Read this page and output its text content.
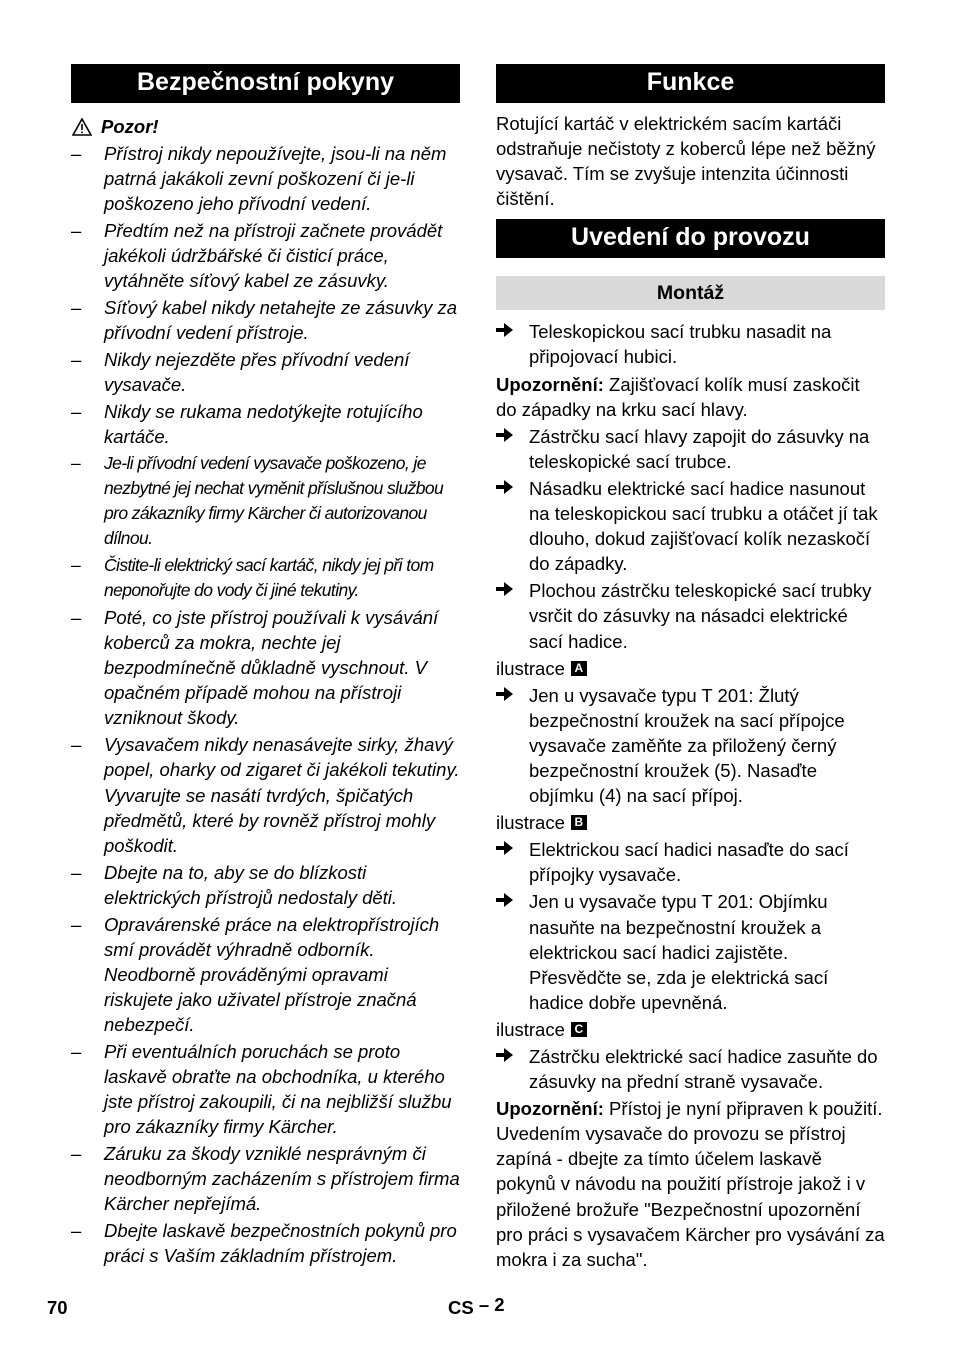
Bezpečnostní pokyny
Pozor!
– Přístroj nikdy nepoužívejte, jsou-li na něm patrná jakákoli zevní poškození či je-li poškozeno jeho přívodní vedení.
– Předtím než na přístroji začnete provádět jakékoli údržbářské či čisticí práce, vytáhněte síťový kabel ze zásuvky.
– Síťový kabel nikdy netahejte ze zásuvky za přívodní vedení přístroje.
– Nikdy nejezděte přes přívodní vedení vysavače.
– Nikdy se rukama nedotýkejte rotujícího kartáče.
– Je-li přívodní vedení vysavače poškozeno, je nezbytné jej nechat vyměnit příslušnou službou pro zákazníky firmy Kärcher či autorizovanou dílnou.
– Čistite-li elektrický sací kartáč, nikdy jej při tom neponořujte do vody či jiné tekutiny.
– Poté, co jste přístroj používali k vysávání koberců za mokra, nechte jej bezpodmínečně důkladně vyschnout. V opačném případě mohou na přístroji vzniknout škody.
– Vysavačem nikdy nenasávejte sirky, žhavý popel, oharky od zigaret či jakékoli tekutiny. Vyvarujte se nasátí tvrdých, špičatých předmětů, které by rovněž přístroj mohly poškodit.
– Dbejte na to, aby se do blízkosti elektrických přístrojů nedostaly děti.
– Opravárenské práce na elektropřístrojích smí provádět výhradně odborník. Neodborně prováděnými opravami riskujete jako uživatel přístroje značná nebezpečí.
– Při eventuálních poruchách se proto laskavě obraťte na obchodníka, u kterého jste přístroj zakoupili, či na nejbližší službu pro zákazníky firmy Kärcher.
– Záruku za škody vzniklé nesprávným či neodborným zacházením s přístrojem firma Kärcher nepřejímá.
– Dbejte laskavě bezpečnostních pokynů pro práci s Vaším základním přístrojem.
Funkce

Rotující kartáč v elektrickém sacím kartáči odstraňuje nečistoty z koberců lépe než běžný vysavač. Tím se zvyšuje intenzita účinnosti čištění.

Uvedení do provozu
Montáž
Teleskopickou sací trubku nasadit na připojovací hubici.

Upozornění: Zajišťovací kolík musí zaskočit do západky na krku sací hlavy.

Zástrčku sací hlavy zapojit do zásuvky na teleskopické sací trubce.
Násadku elektrické sací hadice nasunout na teleskopickou sací trubku a otáčet jí tak dlouho, dokud zajišťovací kolík nezaskočí do západky.
Plochou zástrčku teleskopické sací trubky vsrčit do zásuvky na násadci elektrické sací hadice.
ilustrace A
Jen u vysavače typu T 201: Žlutý bezpečnostní kroužek na sací přípojce vysavače zaměňte za přiložený černý bezpečnostní kroužek (5). Nasaďte objímku (4) na sací přípoj.
ilustrace B
Elektrickou sací hadici nasaďte do sací přípojky vysavače.
Jen u vysavače typu T 201: Objímku nasuňte na bezpečnostní kroužek a elektrickou sací hadici zajistěte. Přesvědčte se, zda je elektrická sací hadice dobře upevněná.
ilustrace C
Zástrčku elektrické sací hadice zasuňte do zásuvky na přední straně vysavače.

Upozornění: Přístoj je nyní připraven k použití. Uvedením vysavače do provozu se přístroj zapíná - dbejte za tímto účelem laskavě pokynů v návodu na použití přístroje jakož i v přiložené brožuře "Bezpečnostní upozornění pro práci s vysavačem Kärcher pro vysávání za mokra i za sucha".

70	CS – 2
